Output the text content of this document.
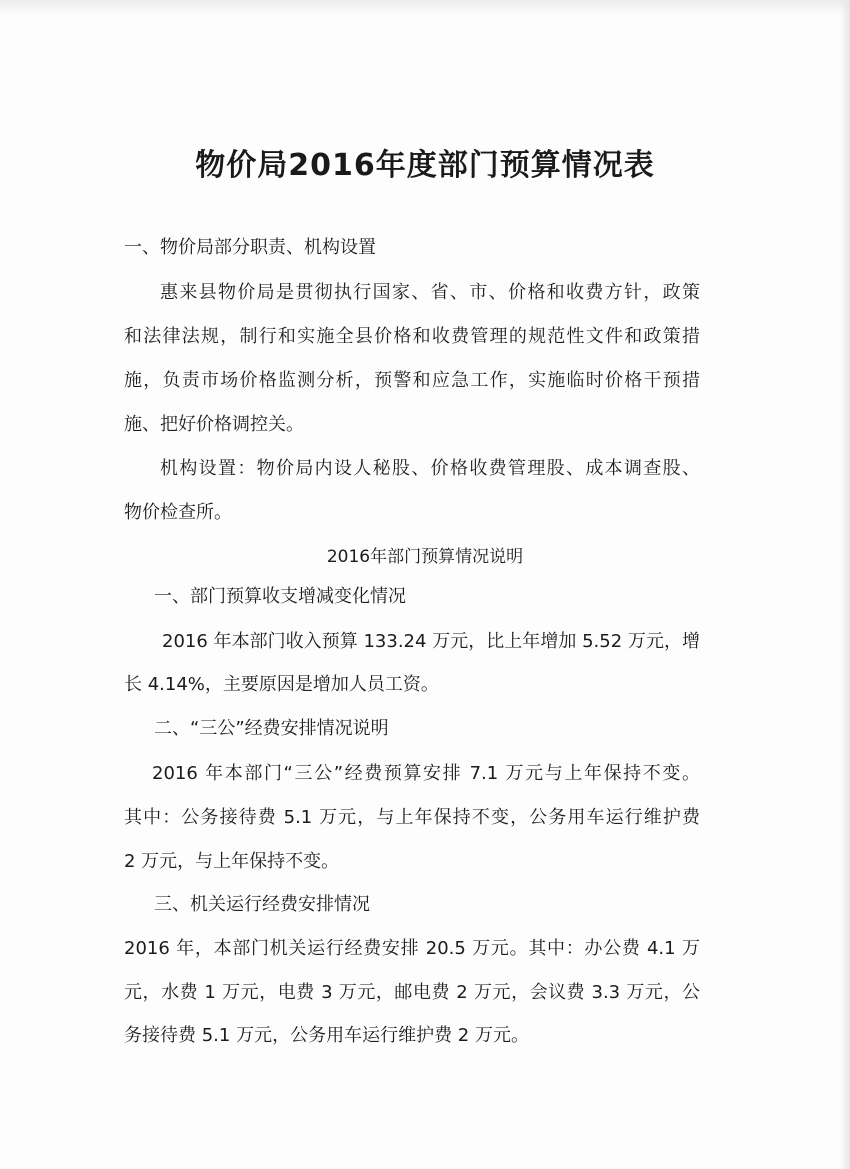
物价局2016年度部门预算情况表
一、物价局部分职责、机构设置
惠来县物价局是贯彻执行国家、省、市、价格和收费方针，政策
和法律法规，制行和实施全县价格和收费管理的规范性文件和政策措
施，负责市场价格监测分析，预警和应急工作，实施临时价格干预措
施、把好价格调控关。
机构设置：物价局内设人秘股、价格收费管理股、成本调查股、
物价检查所。
2016年部门预算情况说明
一、部门预算收支增减变化情况
2016 年本部门收入预算 133.24 万元，比上年增加 5.52 万元，增
长 4.14%，主要原因是增加人员工资。
二、“三公”经费安排情况说明
2016 年本部门“三公”经费预算安排 7.1 万元与上年保持不变。
其中：公务接待费 5.1 万元，与上年保持不变，公务用车运行维护费
2 万元，与上年保持不变。
三、机关运行经费安排情况
2016 年，本部门机关运行经费安排 20.5 万元。其中：办公费 4.1 万
元，水费 1 万元，电费 3 万元，邮电费 2 万元，会议费 3.3 万元，公
务接待费 5.1 万元，公务用车运行维护费 2 万元。
